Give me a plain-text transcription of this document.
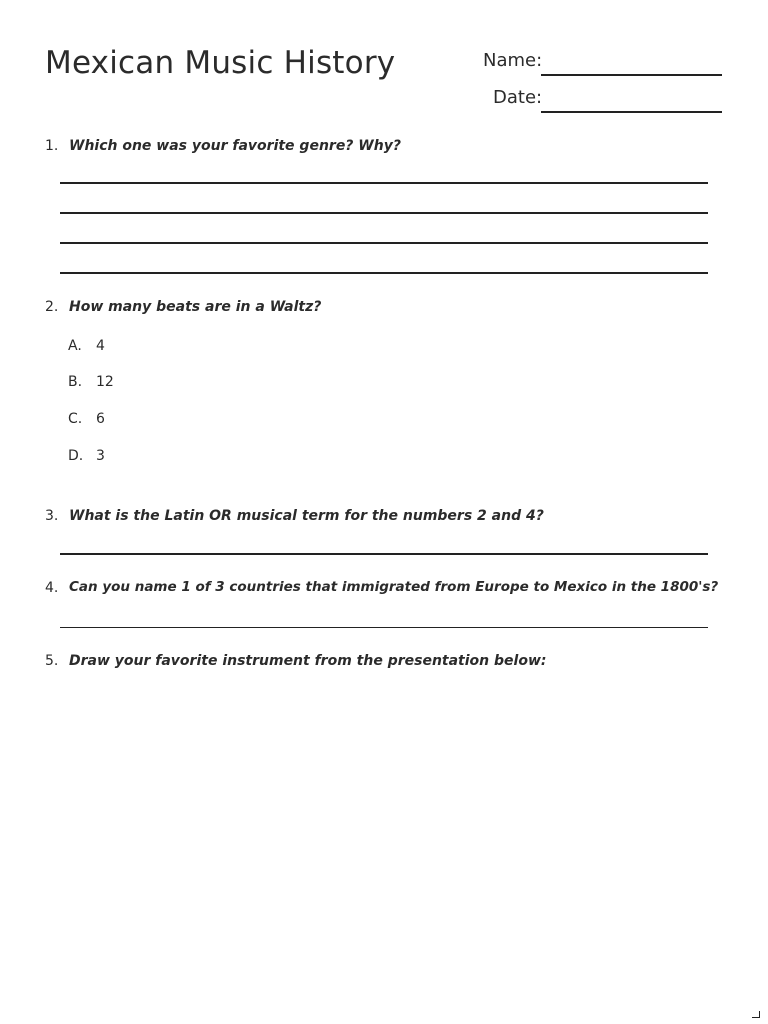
Mexican Music History	Name:
Date:
1. Which one was your favorite genre? Why?
2. How many beats are in a Waltz?
A. 4
B. 12
C. 6
D. 3
3. What is the Latin OR musical term for the numbers 2 and 4?
4. Can you name 1 of 3 countries that immigrated from Europe to Mexico in the 1800's?
5. Draw your favorite instrument from the presentation below:
